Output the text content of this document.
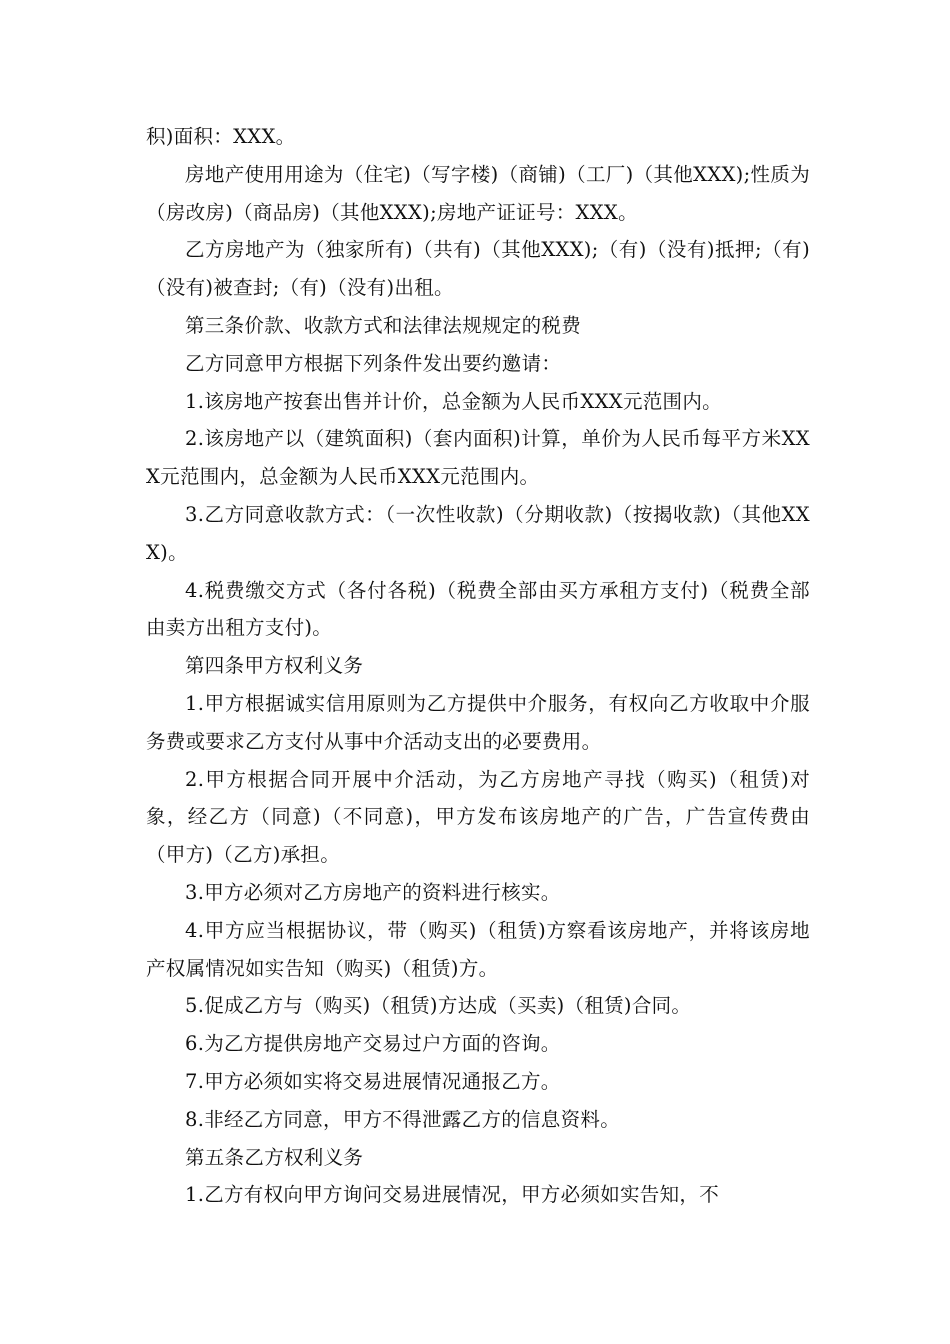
积)面积：XXX。

房地产使用用途为（住宅)（写字楼)（商铺)（工厂)（其他XXX);性质为（房改房)（商品房)（其他XXX);房地产证证号：XXX。

乙方房地产为（独家所有)（共有)（其他XXX);（有)（没有)抵押;（有)（没有)被查封;（有)（没有)出租。

第三条价款、收款方式和法律法规规定的税费

乙方同意甲方根据下列条件发出要约邀请：

1.该房地产按套出售并计价，总金额为人民币XXX元范围内。

2.该房地产以（建筑面积)（套内面积)计算，单价为人民币每平方米XXX元范围内，总金额为人民币XXX元范围内。

3.乙方同意收款方式：（一次性收款)（分期收款)（按揭收款)（其他XXX)。

4.税费缴交方式（各付各税)（税费全部由买方承租方支付)（税费全部由卖方出租方支付)。

第四条甲方权利义务

1.甲方根据诚实信用原则为乙方提供中介服务，有权向乙方收取中介服务费或要求乙方支付从事中介活动支出的必要费用。

2.甲方根据合同开展中介活动，为乙方房地产寻找（购买)（租赁)对象，经乙方（同意)（不同意)，甲方发布该房地产的广告，广告宣传费由（甲方)（乙方)承担。

3.甲方必须对乙方房地产的资料进行核实。

4.甲方应当根据协议，带（购买)（租赁)方察看该房地产，并将该房地产权属情况如实告知（购买)（租赁)方。

5.促成乙方与（购买)（租赁)方达成（买卖)（租赁)合同。

6.为乙方提供房地产交易过户方面的咨询。

7.甲方必须如实将交易进展情况通报乙方。

8.非经乙方同意，甲方不得泄露乙方的信息资料。

第五条乙方权利义务

1.乙方有权向甲方询问交易进展情况，甲方必须如实告知，不
